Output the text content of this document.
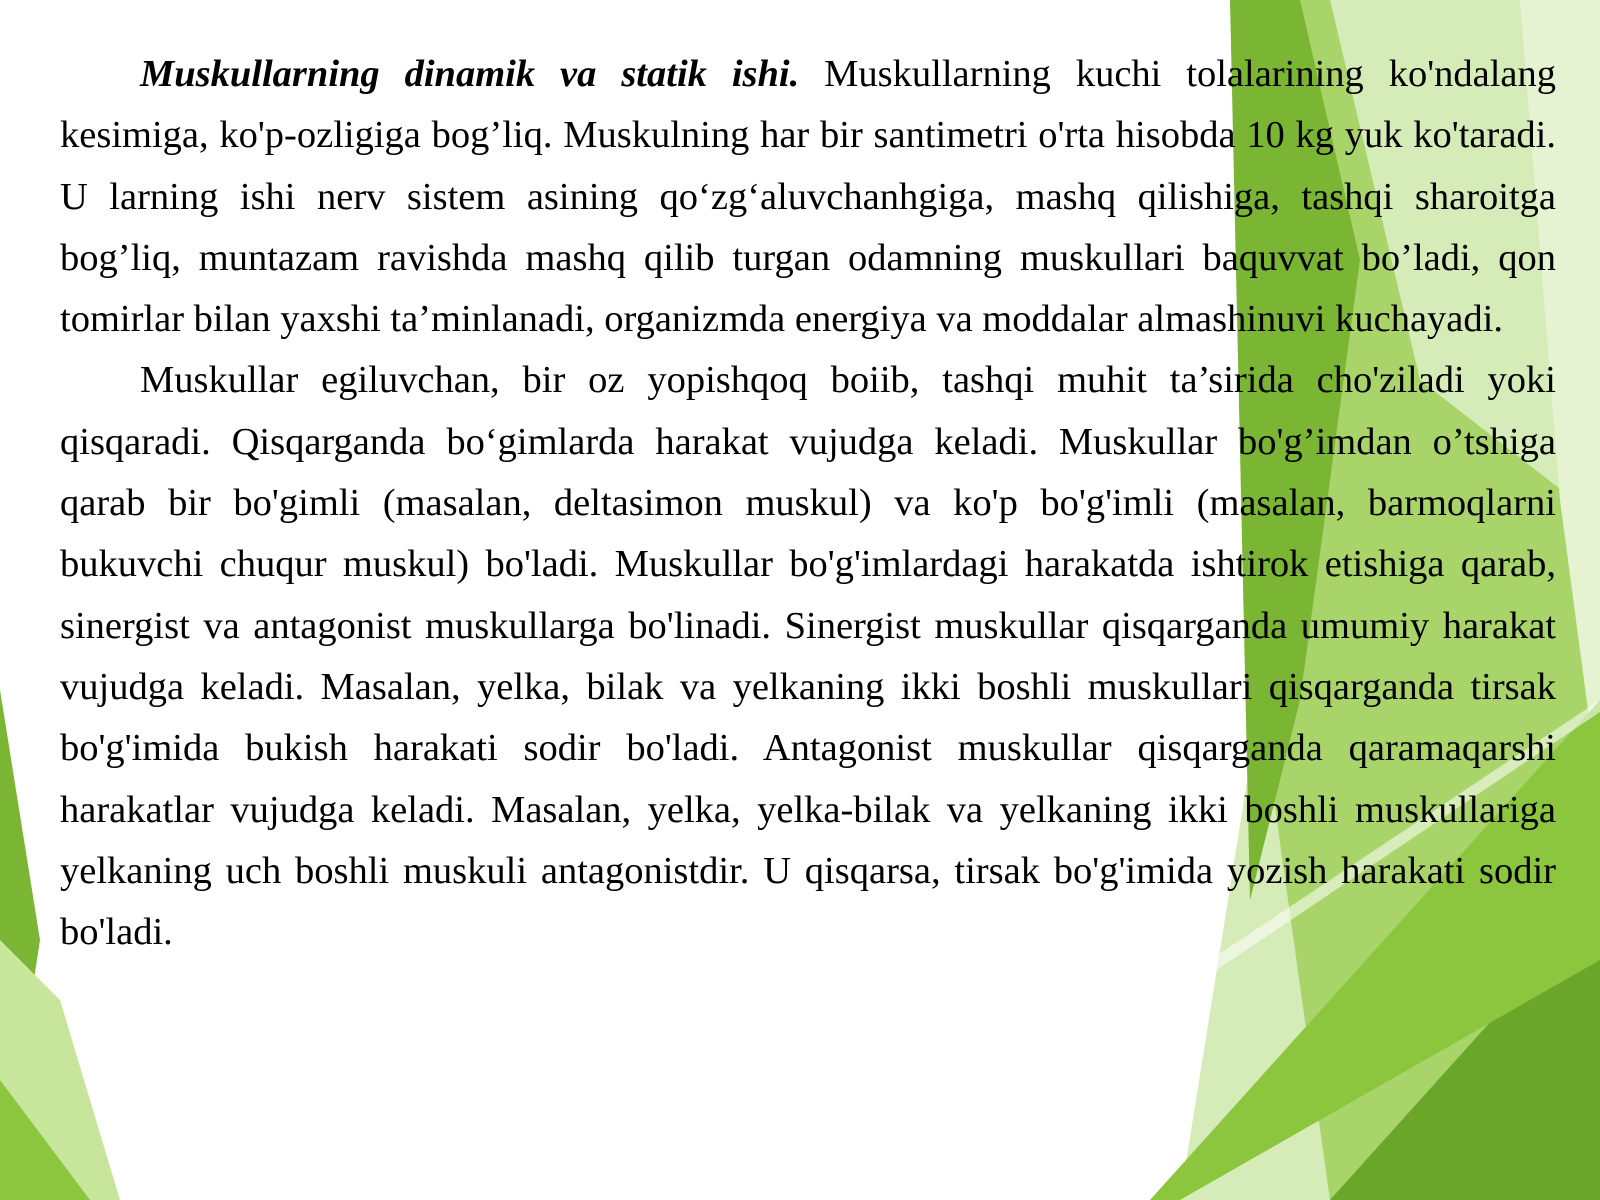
Muskullarning dinamik va statik ishi. Muskullarning kuchi tolalarining ko'ndalang kesimiga, ko'p-ozligiga bog’liq. Muskulning har bir santimetri o'rta hisobda 10 kg yuk ko'taradi. U larning ishi nerv sistem asining qo‘zg‘aluvchanhgiga, mashq qilishiga, tashqi sharoitga bog’liq, muntazam ravishda mashq qilib turgan odamning muskullari baquvvat bo’ladi, qon tomirlar bilan yaxshi ta’minlanadi, organizmda energiya va moddalar almashinuvi kuchayadi.

Muskullar egiluvchan, bir oz yopishqoq boiib, tashqi muhit ta’sirida cho'ziladi yoki qisqaradi. Qisqarganda bo‘gimlarda harakat vujudga keladi. Muskullar bo'g’imdan o’tshiga qarab bir bo'gimli (masalan, deltasimon muskul) va ko'p bo'g'imli (masalan, barmoqlarni bukuvchi chuqur muskul) bo'ladi. Muskullar bo'g'imlardagi harakatda ishtirok etishiga qarab, sinergist va antagonist muskullarga bo'linadi. Sinergist muskullar qisqarganda umumiy harakat vujudga keladi. Masalan, yelka, bilak va yelkaning ikki boshli muskullari qisqarganda tirsak bo'g'imida bukish harakati sodir bo'ladi. Antagonist muskullar qisqarganda qaramaqarshi harakatlar vujudga keladi. Masalan, yelka, yelka-bilak va yelkaning ikki boshli muskullariga yelkaning uch boshli muskuli antagonistdir. U qisqarsa, tirsak bo'g'imida yozish harakati sodir bo'ladi.
